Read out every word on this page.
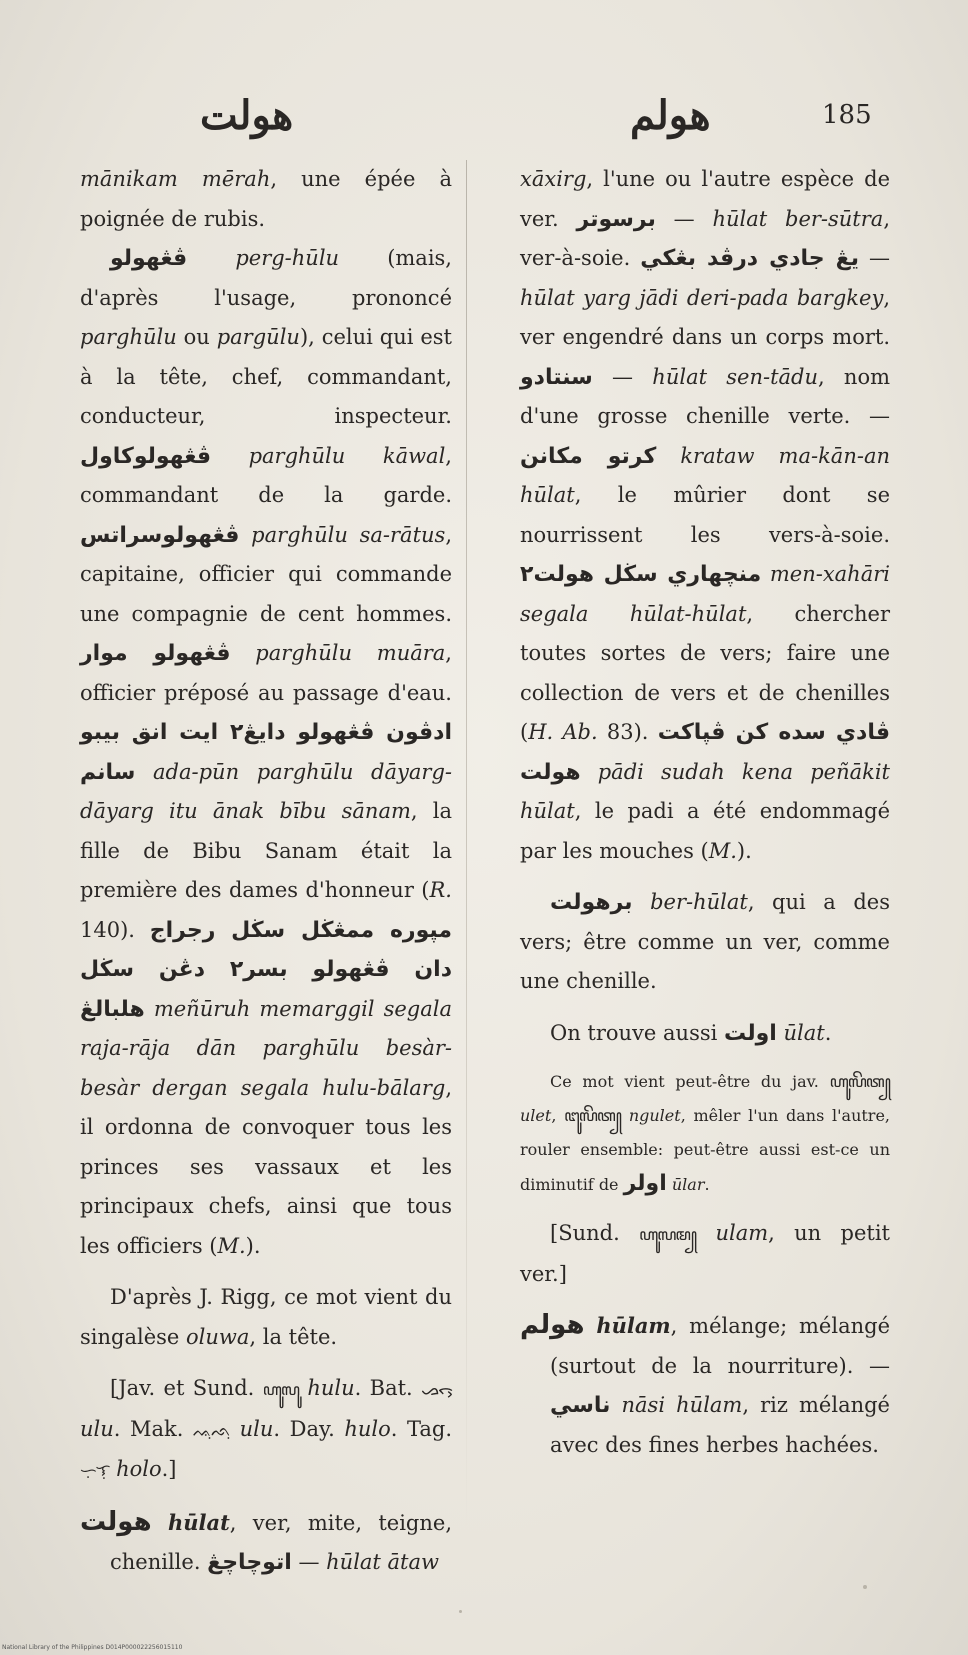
هولت	هولم	185

mānikam mērah, une épée à poignée de rubis.

ڤڠهولو perg-hūlu (mais, d'après l'usage, prononcé parghūlu ou pargūlu), celui qui est à la tête, chef, commandant, conducteur, inspecteur. ڤڠهولوكاول parghūlu kāwal, commandant de la garde. ڤڠهولوسراتس parghūlu sa-rātus, capitaine, officier qui commande une compagnie de cent hommes. ڤڠهولو موار parghūlu muāra, officier préposé au passage d'eau. ادڤون ڤڠهولو دايڠ٢ ايت انق بيبو سانم ada-pūn parghūlu dāyarg-dāyarg itu ānak bību sānam, la fille de Bibu Sanam était la première des dames d'honneur (R. 140). مپوره ممڠڬل سڬل رجراج دان ڤڠهولو بسر٢ دڠن سڬل هلبالڠ meñūruh memarggil segala raja-rāja dān parghūlu besàr-besàr dergan segala hulu-bālarg, il ordonna de convoquer tous les princes ses vassaux et les principaux chefs, ainsi que tous les officiers (M.).

D'après J. Rigg, ce mot vient du singalèse oluwa, la tête.

[Jav. et Sund. ꦲꦸꦭꦸ hulu. Bat. ᯀᯞᯮ ulu. Mak. ᨕᨘᨒᨘ ulu. Day. hulo. Tag. ᜑᜓᜎᜓ holo.]

هولت hūlat, ver, mite, teigne, chenille. اتوچاچڠ — hūlat ātaw

xāxirg, l'une ou l'autre espèce de ver. برسوتر — hūlat ber-sūtra, ver-à-soie. يڠ جادي درڤد بڠكي — hūlat yarg jādi deri-pada bargkey, ver engendré dans un corps mort. سنتادو — hūlat sen-tādu, nom d'une grosse chenille verte. — كرتو مكانن krataw ma-kān-an hūlat, le mûrier dont se nourrissent les vers-à-soie. منچهاري سڬل هولت٢ men-xahāri segala hūlat-hūlat, chercher toutes sortes de vers; faire une collection de vers et de chenilles (H. Ab. 83). ڤادي سده كن ڤڽاكت هولت pādi sudah kena peñākit hūlat, le padi a été endommagé par les mouches (M.).

برهولت ber-hūlat, qui a des vers; être comme un ver, comme une chenille.

On trouve aussi اولت ūlat.

Ce mot vient peut-être du jav. ꦲꦸꦭꦼꦠ꧀ ulet, ꦔꦸꦭꦼꦠ꧀ ngulet, mêler l'un dans l'autre, rouler ensemble: peut-être aussi est-ce un diminutif de اولر ūlar.

[Sund. ꦲꦸꦭꦩ꧀ ulam, un petit ver.]

هولم hūlam, mélange; mélangé (surtout de la nourriture). — ناسي nāsi hūlam, riz mélangé avec des fines herbes hachées.

National Library of the Philippines D014P000022256015110
